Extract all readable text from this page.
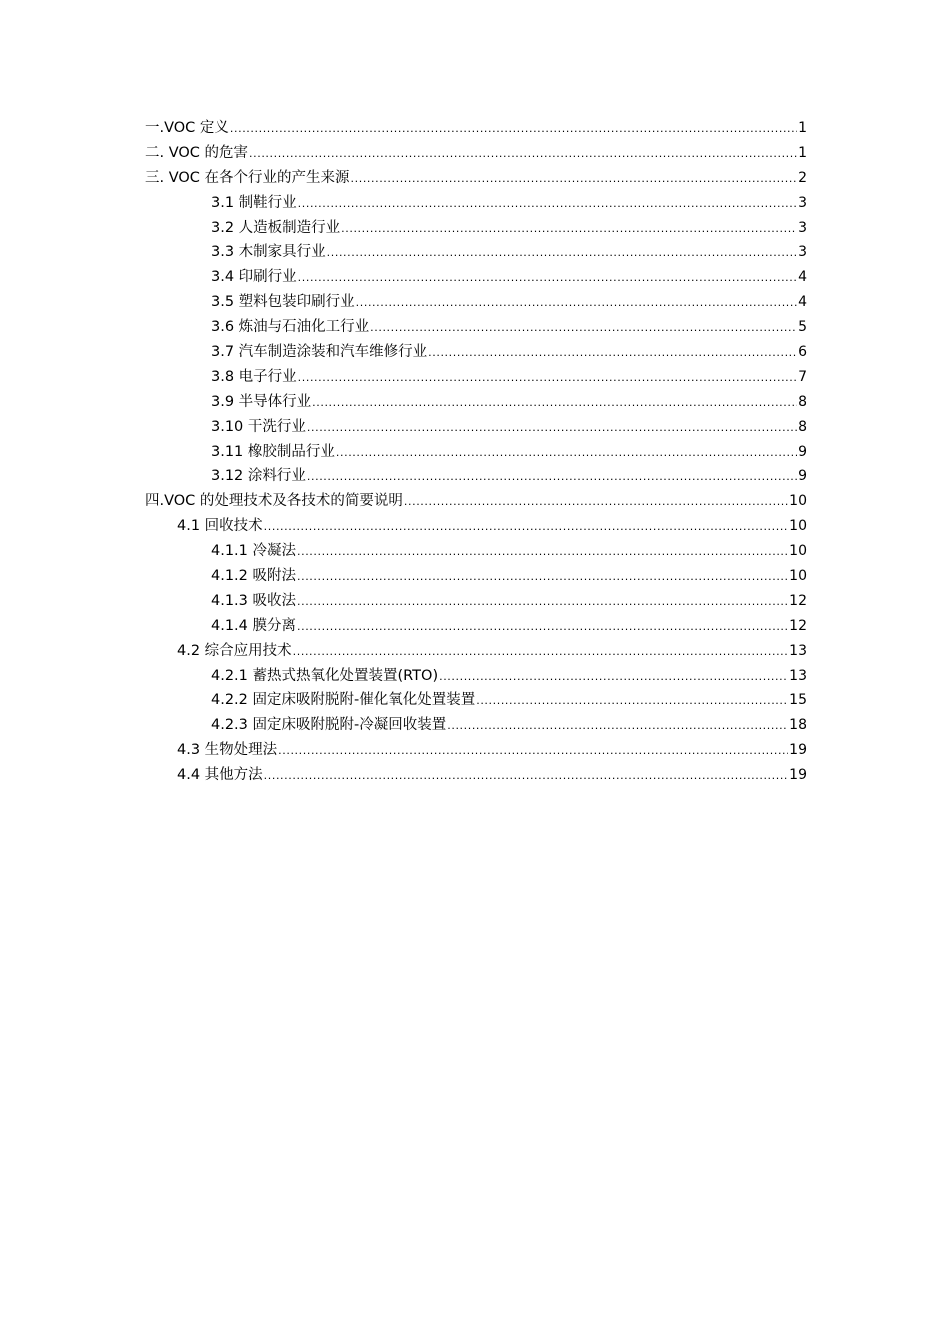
一.VOC 定义 .....	1
二. VOC 的危害 .....	1
三. VOC 在各个行业的产生来源 .....	2
3.1 制鞋行业 .....	3
3.2 人造板制造行业 .....	3
3.3 木制家具行业 .....	3
3.4 印刷行业 .....	4
3.5 塑料包装印刷行业 .....	4
3.6 炼油与石油化工行业 .....	5
3.7 汽车制造涂装和汽车维修行业 .....	6
3.8 电子行业 .....	7
3.9 半导体行业 .....	8
3.10 干洗行业 .....	8
3.11 橡胶制品行业 .....	9
3.12 涂料行业 .....	9
四.VOC 的处理技术及各技术的简要说明 .....	10
4.1 回收技术 .....	10
4.1.1 冷凝法 .....	10
4.1.2 吸附法 .....	10
4.1.3 吸收法 .....	12
4.1.4 膜分离 .....	12
4.2 综合应用技术 .....	13
4.2.1 蓄热式热氧化处置装置(RTO) .....	13
4.2.2 固定床吸附脱附-催化氧化处置装置 .....	15
4.2.3 固定床吸附脱附-冷凝回收装置 .....	18
4.3 生物处理法 .....	19
4.4 其他方法 .....	19
